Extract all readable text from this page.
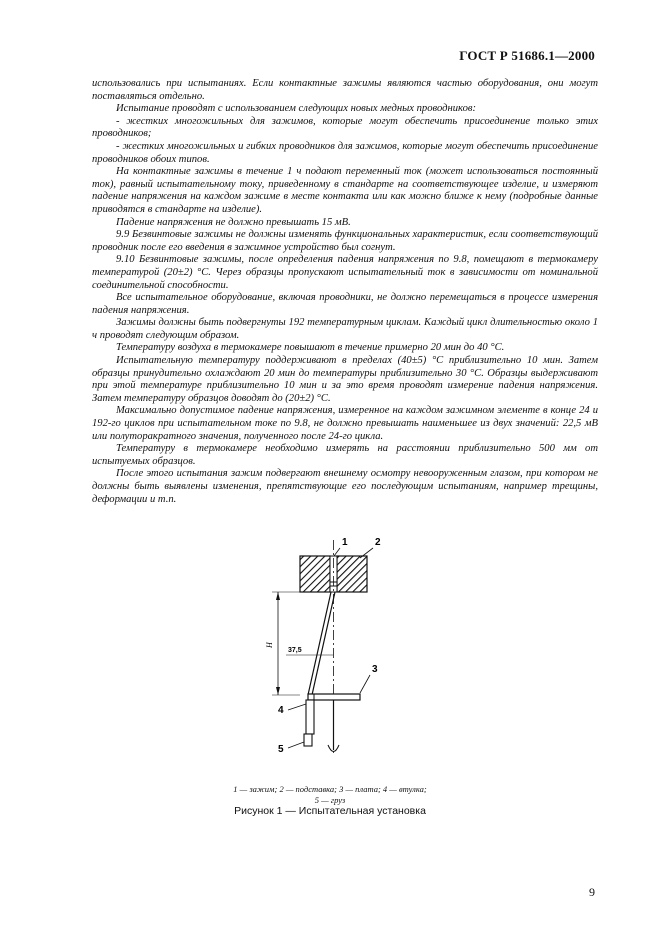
ГОСТ Р 51686.1—2000

использовались при испытаниях. Если контактные зажимы являются частью оборудования, они могут поставляться отдельно.

Испытание проводят с использованием следующих новых медных проводников:

- жестких многожильных для зажимов, которые могут обеспечить присоединение только этих проводников;

- жестких многожильных и гибких проводников для зажимов, которые могут обеспечить присоединение проводников обоих типов.

На контактные зажимы в течение 1 ч подают переменный ток (может использоваться постоянный ток), равный испытательному току, приведенному в стандарте на соответствующее изделие, и измеряют падение напряжения на каждом зажиме в месте контакта или как можно ближе к нему (подробные данные приводятся в стандарте на изделие).

Падение напряжения не должно превышать 15 мВ.

9.9 Безвинтовые зажимы не должны изменять функциональных характеристик, если соответствующий проводник после его введения в зажимное устройство был согнут.

9.10 Безвинтовые зажимы, после определения падения напряжения по 9.8, помещают в термокамеру температурой (20±2) °С. Через образцы пропускают испытательный ток в зависимости от номинальной соединительной способности.

Все испытательное оборудование, включая проводники, не должно перемещаться в процессе измерения падения напряжения.

Зажимы должны быть подвергнуты 192 температурным циклам. Каждый цикл длительностью около 1 ч проводят следующим образом.

Температуру воздуха в термокамере повышают в течение примерно 20 мин до 40 °С.

Испытательную температуру поддерживают в пределах (40±5) °С приблизительно 10 мин. Затем образцы принудительно охлаждают 20 мин до температуры приблизительно 30 °С. Образцы выдерживают при этой температуре приблизительно 10 мин и за это время проводят измерение падения напряжения. Затем температуру образцов доводят до (20±2) °С.

Максимально допустимое падение напряжения, измеренное на каждом зажимном элементе в конце 24 и 192-го циклов при испытательном токе по 9.8, не должно превышать наименьшее из двух значений: 22,5 мВ или полуторакратного значения, полученного после 24-го цикла.

Температуру в термокамере необходимо измерять на расстоянии приблизительно 500 мм от испытуемых образцов.

После этого испытания зажим подвергают внешнему осмотру невооруженным глазом, при котором не должны быть выявлены изменения, препятствующие его последующим испытаниям, например трещины, деформации и т.п.

H
37,5
1	2
3
4
5
1 — зажим; 2 — подставка; 3 — плата; 4 — втулка;
5 — груз
Рисунок 1 — Испытательная установка
9
